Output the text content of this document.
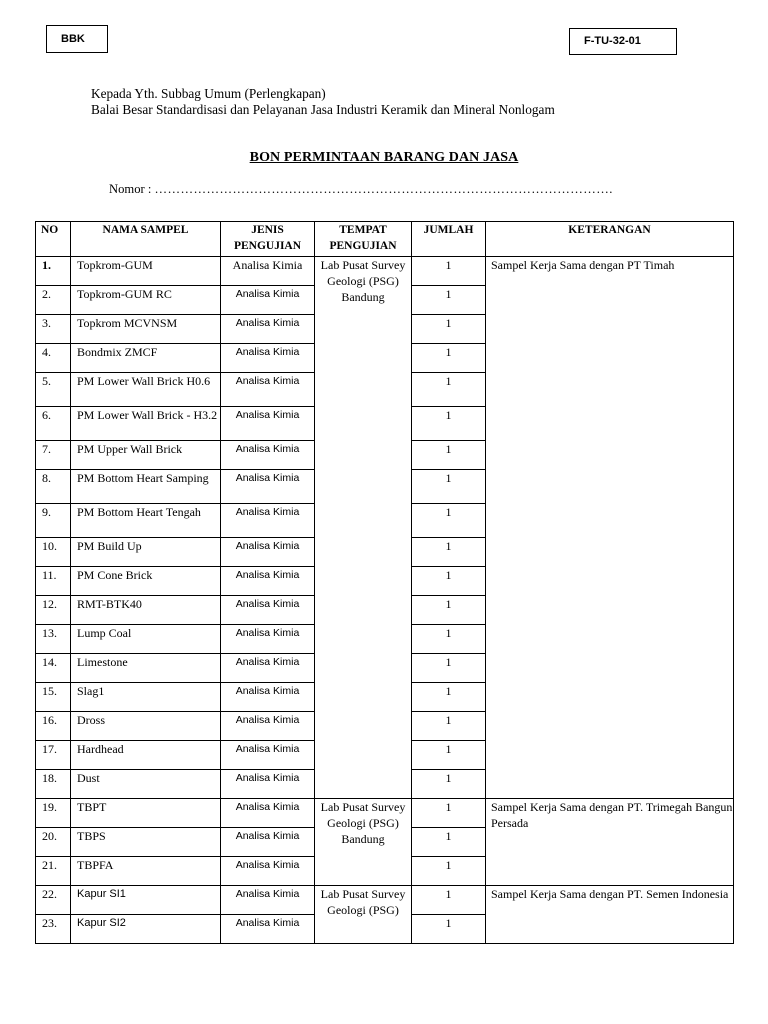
BBK	F-TU-32-01
Kepada Yth. Subbag Umum (Perlengkapan)
Balai Besar Standardisasi dan Pelayanan Jasa Industri Keramik dan Mineral Nonlogam
BON PERMINTAAN BARANG DAN JASA
Nomor : …………………………………………………………………………………………….
NO	NAMA SAMPEL	JENIS PENGUJIAN	TEMPAT PENGUJIAN	JUMLAH	KETERANGAN
1.	Topkrom-GUM	Analisa Kimia	Lab Pusat Survey Geologi (PSG) Bandung	1	Sampel Kerja Sama dengan PT Timah
2.	Topkrom-GUM RC	Analisa Kimia		1	
3.	Topkrom MCVNSM	Analisa Kimia		1	
4.	Bondmix ZMCF	Analisa Kimia		1	
5.	PM Lower Wall Brick H0.6	Analisa Kimia		1	
6.	PM Lower Wall Brick - H3.2	Analisa Kimia		1	
7.	PM Upper Wall Brick	Analisa Kimia		1	
8.	PM Bottom Heart Samping	Analisa Kimia		1	
9.	PM Bottom Heart Tengah	Analisa Kimia		1	
10.	PM Build Up	Analisa Kimia		1	
11.	PM Cone Brick	Analisa Kimia		1	
12.	RMT-BTK40	Analisa Kimia		1	
13.	Lump Coal	Analisa Kimia		1	
14.	Limestone	Analisa Kimia		1	
15.	Slag1	Analisa Kimia		1	
16.	Dross	Analisa Kimia		1	
17.	Hardhead	Analisa Kimia		1	
18.	Dust	Analisa Kimia		1	
19.	TBPT	Analisa Kimia	Lab Pusat Survey Geologi (PSG) Bandung	1	Sampel Kerja Sama dengan PT. Trimegah Bangun Persada
20.	TBPS	Analisa Kimia		1	
21.	TBPFA	Analisa Kimia		1	
22.	Kapur SI1	Analisa Kimia	Lab Pusat Survey Geologi (PSG)	1	Sampel Kerja Sama dengan PT. Semen Indonesia
23.	Kapur SI2	Analisa Kimia		1	
